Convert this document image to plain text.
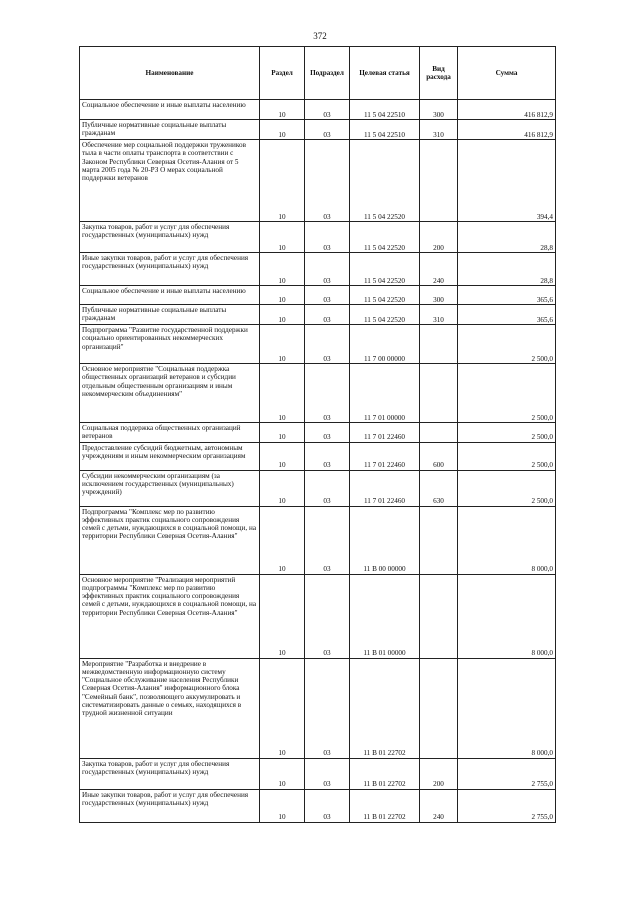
372
Наименование	Раздел	Подраздел	Целевая статья	Вид расхода	Сумма
Социальное обеспечение и иные выплаты населению	10	03	11 5 04 22510	300	416 812,9
Публичные нормативные социальные выплаты гражданам	10	03	11 5 04 22510	310	416 812,9
Обеспечение мер социальной поддержки тружеников тыла в части оплаты транспорта в соответствии с Законом Республики Северная Осетия-Алания от 5 марта 2005 года № 20-РЗ О мерах социальной поддержки ветеранов	10	03	11 5 04 22520		394,4
Закупка товаров, работ и услуг для обеспечения государственных (муниципальных) нужд	10	03	11 5 04 22520	200	28,8
Иные закупки товаров, работ и услуг для обеспечения государственных (муниципальных) нужд	10	03	11 5 04 22520	240	28,8
Социальное обеспечение и иные выплаты населению	10	03	11 5 04 22520	300	365,6
Публичные нормативные социальные выплаты гражданам	10	03	11 5 04 22520	310	365,6
Подпрограмма "Развитие государственной поддержки социально ориентированных некоммерческих организаций"	10	03	11 7 00 00000		2 500,0
Основное мероприятие "Социальная поддержка общественных организаций ветеранов и субсидии отдельным общественным организациям и иным некоммерческим объединениям"	10	03	11 7 01 00000		2 500,0
Социальная поддержка общественных организаций ветеранов	10	03	11 7 01 22460		2 500,0
Предоставление субсидий бюджетным, автономным учреждениям и иным некоммерческим организациям	10	03	11 7 01 22460	600	2 500,0
Субсидии некоммерческим организациям (за исключением государственных (муниципальных) учреждений)	10	03	11 7 01 22460	630	2 500,0
Подпрограмма "Комплекс мер по развитию эффективных практик социального сопровождения семей с детьми, нуждающихся в социальной помощи, на территории Республики Северная Осетия-Алания"	10	03	11 В 00 00000		8 000,0
Основное мероприятие "Реализация мероприятий подпрограммы "Комплекс мер по развитию эффективных практик социального сопровождения семей с детьми, нуждающихся в социальной помощи, на территории Республики Северная Осетия-Алания"	10	03	11 В 01 00000		8 000,0
Мероприятие "Разработка и внедрение в межведомственную информационную систему "Социальное обслуживание населения Республики Северная Осетия-Алания" информационного блока "Семейный банк", позволяющего аккумулировать и систематизировать данные о семьях, находящихся в трудной жизненной ситуации	10	03	11 В 01 22702		8 000,0
Закупка товаров, работ и услуг для обеспечения государственных (муниципальных) нужд	10	03	11 В 01 22702	200	2 755,0
Иные закупки товаров, работ и услуг для обеспечения государственных (муниципальных) нужд	10	03	11 В 01 22702	240	2 755,0
